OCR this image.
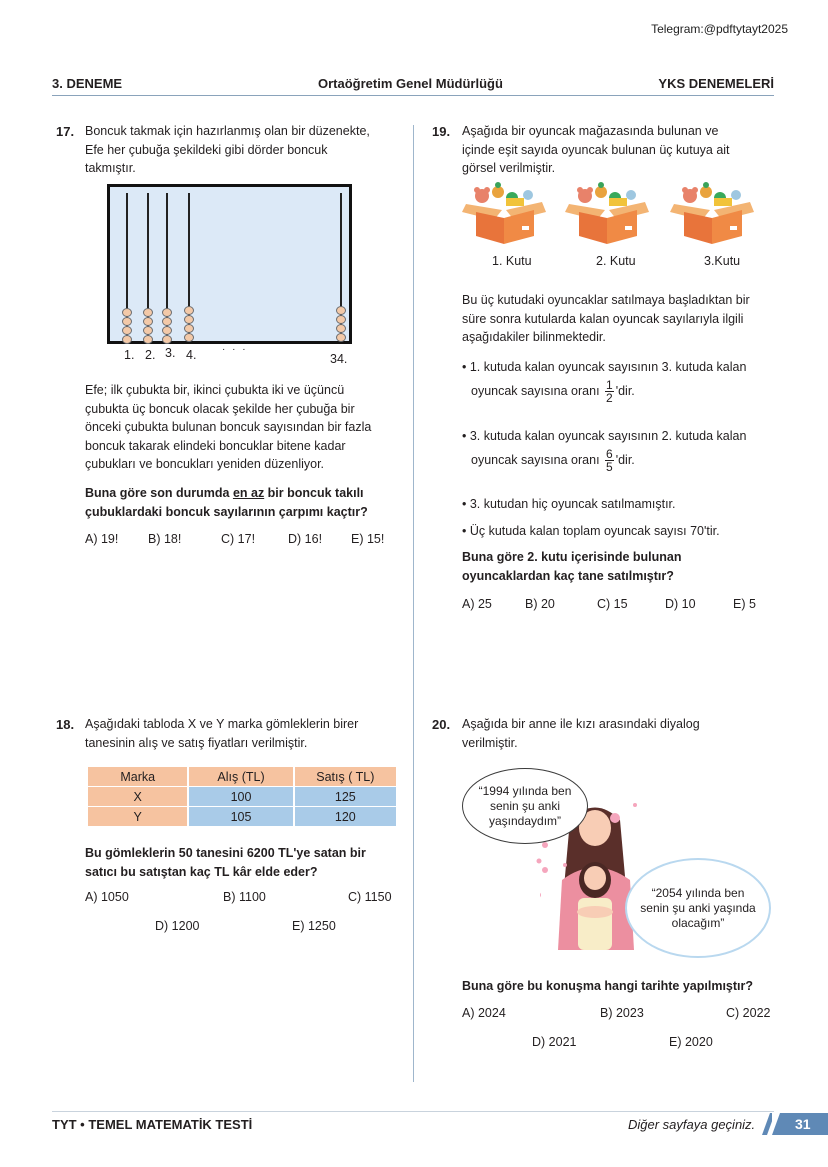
Telegram:@pdftytayt2025
3. DENEME	Ortaöğretim Genel Müdürlüğü	YKS DENEMELERİ
17. Boncuk takmak için hazırlanmış olan bir düzenekte,
Efe her çubuğa şekildeki gibi dörder boncuk
takmıştır.
1. 2. 3. 4.	· · ·
34.
Efe; ilk çubukta bir, ikinci çubukta iki ve üçüncü
çubukta üç boncuk olacak şekilde her çubuğa bir
önceki çubukta bulunan boncuk sayısından bir fazla
boncuk takarak elindeki boncuklar bitene kadar
çubukları ve boncukları yeniden düzenliyor.
Buna göre son durumda en az bir boncuk takılı
çubuklardaki boncuk sayılarının çarpımı kaçtır?
A) 19! B) 18!	C) 17!	D) 16! E) 15!
18. Aşağıdaki tabloda X ve Y marka gömleklerin birer
tanesinin alış ve satış fiyatları verilmiştir.
Marka	Alış (TL)	Satış ( TL)
X	100	125
Y	105	120
Bu gömleklerin 50 tanesini 6200 TL'ye satan bir
satıcı bu satıştan kaç TL kâr elde eder?
A) 1050	B) 1100	C) 1150
D) 1200	E) 1250
19. Aşağıda bir oyuncak mağazasında bulunan ve
içinde eşit sayıda oyuncak bulunan üç kutuya ait
görsel verilmiştir.
1. Kutu	2. Kutu	3.Kutu
Bu üç kutudaki oyuncaklar satılmaya başladıktan bir
süre sonra kutularda kalan oyuncak sayılarıyla ilgili
aşağıdakiler bilinmektedir.
• 1. kutuda kalan oyuncak sayısının 3. kutuda kalan
oyuncak sayısına oranı $\frac{1}{2}$ 'dir.
• 3. kutuda kalan oyuncak sayısının 2. kutuda kalan
oyuncak sayısına oranı $\frac{6}{5}$ 'dir.
• 3. kutudan hiç oyuncak satılmamıştır.
• Üç kutuda kalan toplam oyuncak sayısı 70'tir.
Buna göre 2. kutu içerisinde bulunan
oyuncaklardan kaç tane satılmıştır?
A) 25	B) 20	C) 15	D) 10	E) 5
20. Aşağıda bir anne ile kızı arasındaki diyalog
verilmiştir.
“1994 yılında ben
senin şu anki
yaşındaydım”
“2054 yılında ben
senin şu anki yaşında
olacağım”
Buna göre bu konuşma hangi tarihte yapılmıştır?
A) 2024	B) 2023	C) 2022
D) 2021	E) 2020
TYT • TEMEL MATEMATİK TESTİ	Diğer sayfaya geçiniz.	31
